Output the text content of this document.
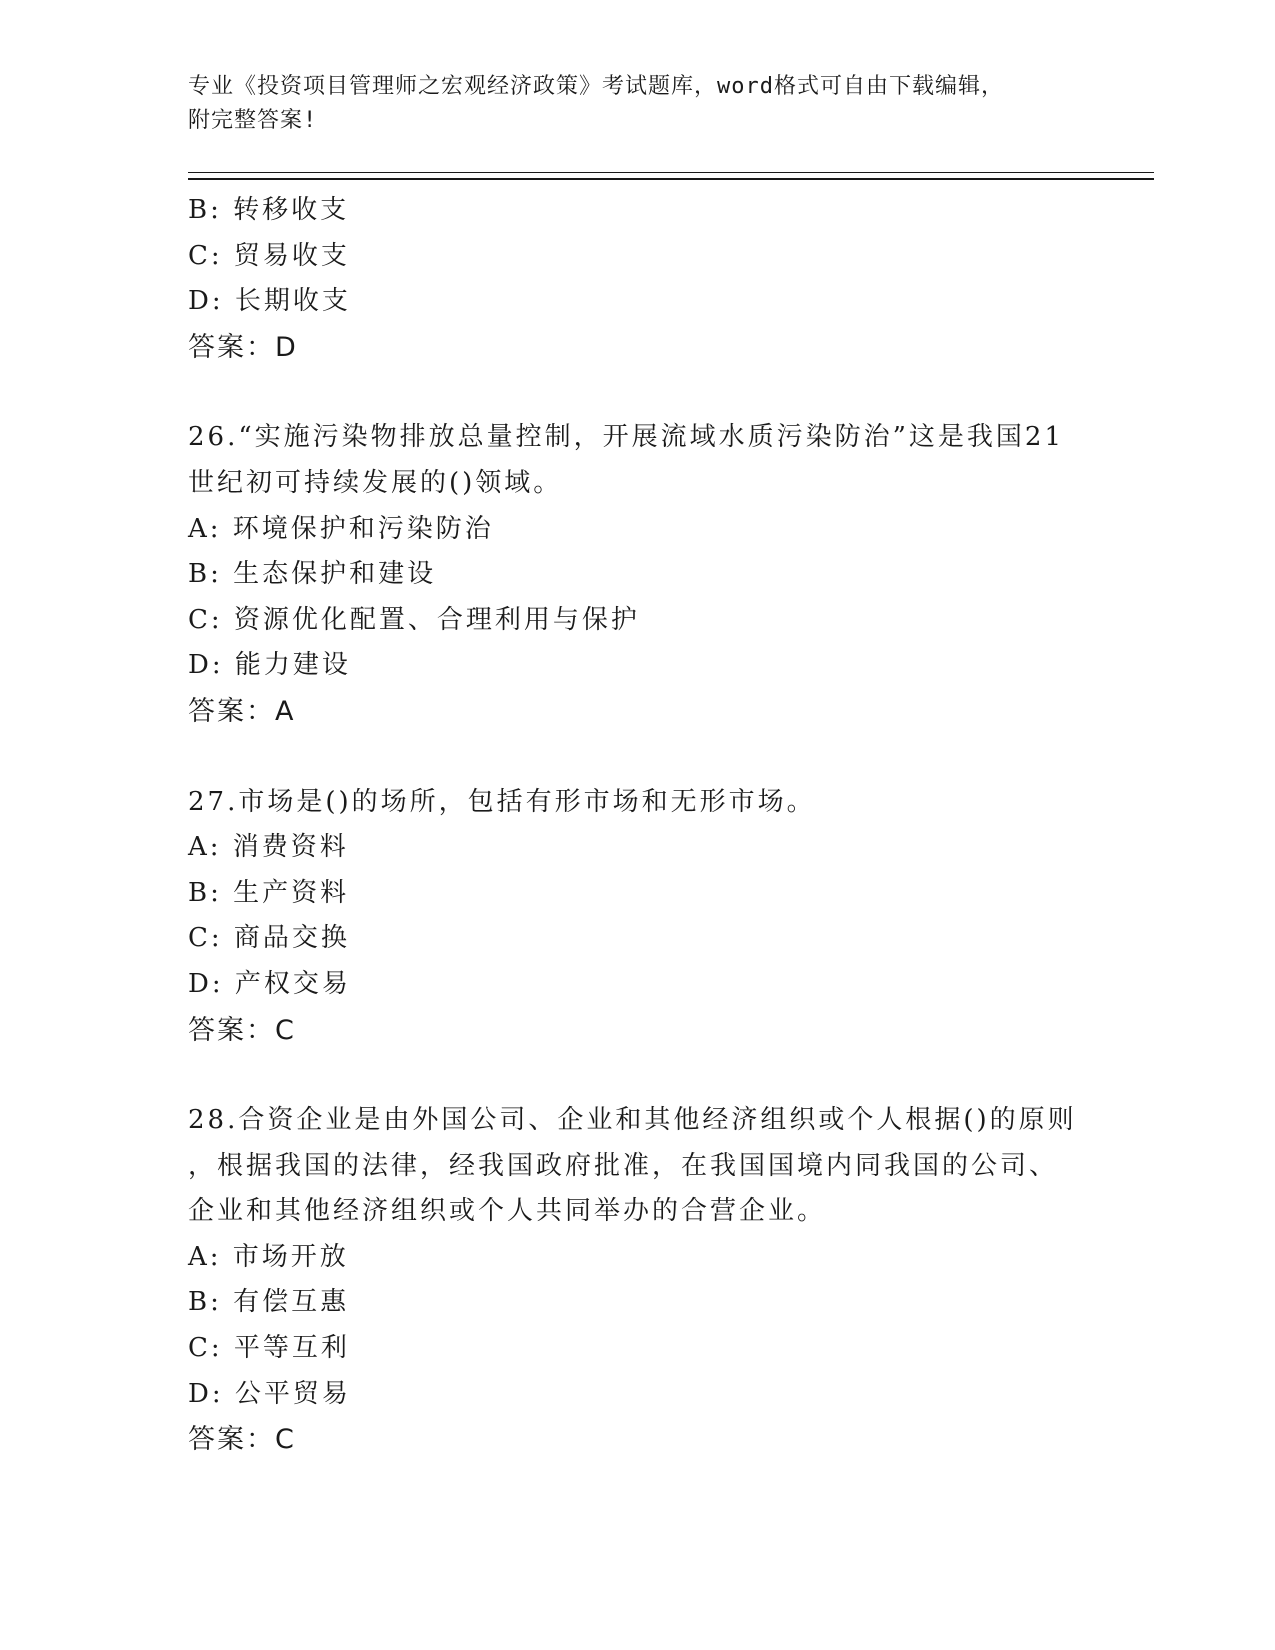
专业《投资项目管理师之宏观经济政策》考试题库，word格式可自由下载编辑，

附完整答案!

B: 转移收支

C: 贸易收支

D: 长期收支

答案：D

26.“实施污染物排放总量控制，开展流域水质污染防治”这是我国21

世纪初可持续发展的()领域。

A: 环境保护和污染防治

B: 生态保护和建设

C: 资源优化配置、合理利用与保护

D: 能力建设

答案：A

27.市场是()的场所，包括有形市场和无形市场。

A: 消费资料

B: 生产资料

C: 商品交换

D: 产权交易

答案：C

28.合资企业是由外国公司、企业和其他经济组织或个人根据()的原则

，根据我国的法律，经我国政府批准，在我国国境内同我国的公司、

企业和其他经济组织或个人共同举办的合营企业。

A: 市场开放

B: 有偿互惠

C: 平等互利

D: 公平贸易

答案：C
